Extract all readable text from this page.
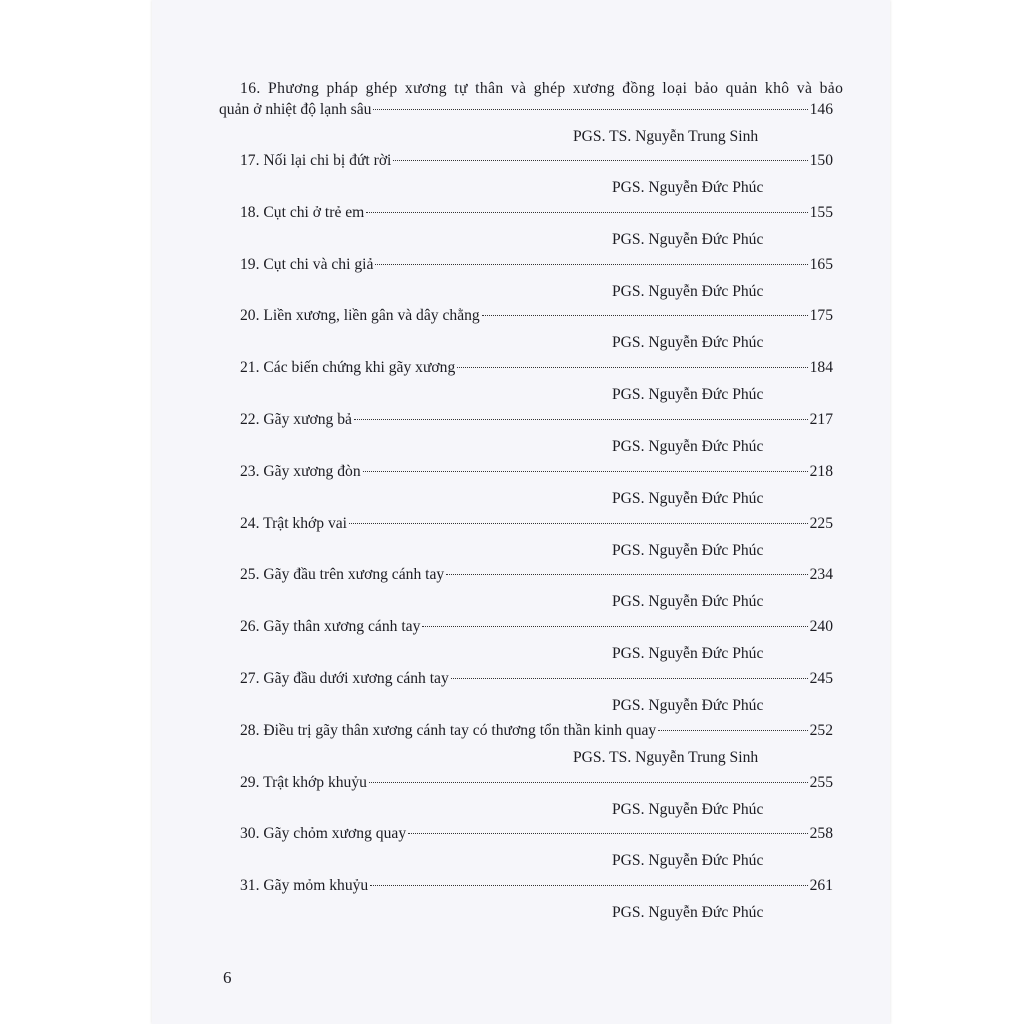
16. Phương pháp ghép xương tự thân và ghép xương đồng loại bảo quản khô và bảo
quản ở nhiệt độ lạnh sâu	146
PGS. TS. Nguyễn Trung Sinh
17. Nối lại chi bị đứt rời	150
PGS. Nguyễn Đức Phúc
18. Cụt chi ở trẻ em	155
PGS. Nguyễn Đức Phúc
19. Cụt chi và chi giả	165
PGS. Nguyễn Đức Phúc
20. Liền xương, liền gân và dây chằng	175
PGS. Nguyễn Đức Phúc
21. Các biến chứng khi gãy xương	184
PGS. Nguyễn Đức Phúc
22. Gãy xương bả	217
PGS. Nguyễn Đức Phúc
23. Gãy xương đòn	218
PGS. Nguyễn Đức Phúc
24. Trật khớp vai	225
PGS. Nguyễn Đức Phúc
25. Gãy đầu trên xương cánh tay	234
PGS. Nguyễn Đức Phúc
26. Gãy thân xương cánh tay	240
PGS. Nguyễn Đức Phúc
27. Gãy đầu dưới xương cánh tay	245
PGS. Nguyễn Đức Phúc
28. Điều trị gãy thân xương cánh tay có thương tổn thần kinh quay	252
PGS. TS. Nguyễn Trung Sinh
29. Trật khớp khuỷu	255
PGS. Nguyễn Đức Phúc
30. Gãy chỏm xương quay	258
PGS. Nguyễn Đức Phúc
31. Gãy mỏm khuỷu	261
PGS. Nguyễn Đức Phúc
6
